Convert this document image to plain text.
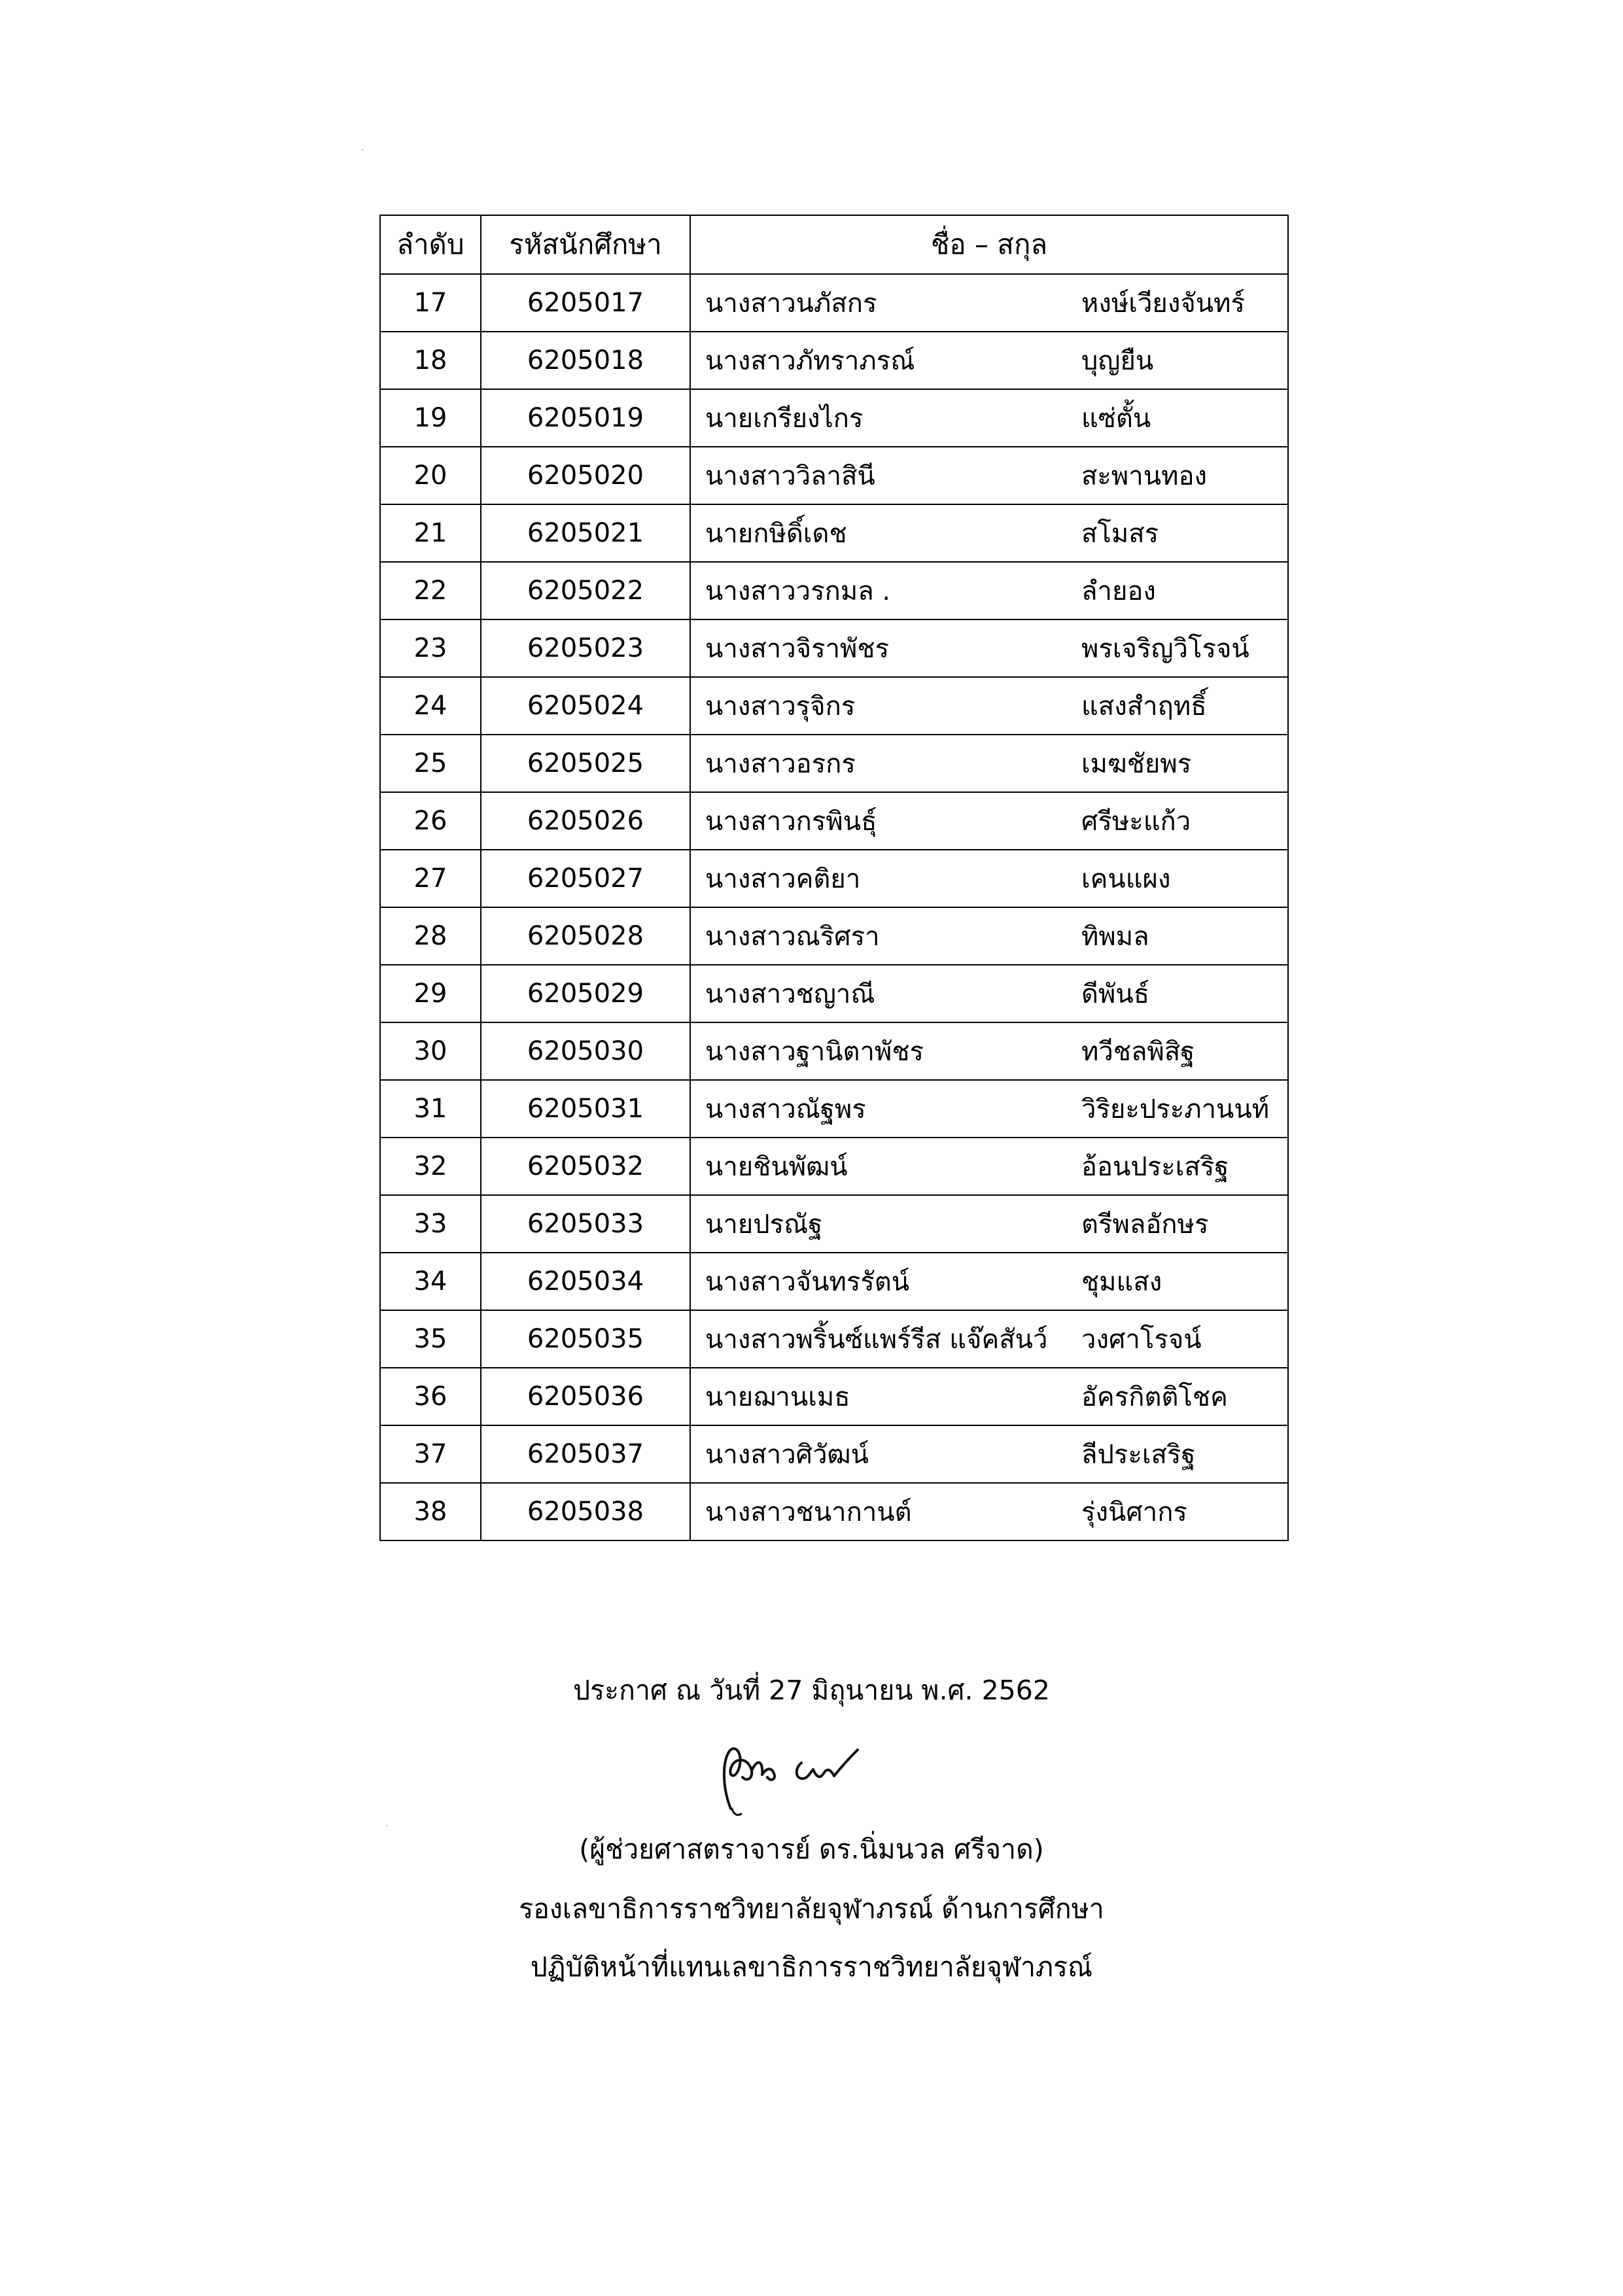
ลำดับ	รหัสนักศึกษา	ชื่อ – สกุล
17	6205017	นางสาวนภัสกร หงษ์เวียงจันทร์

18	6205018	นางสาวภัทราภรณ์ บุญยืน

19	6205019	นายเกรียงไกร แซ่ตั้น

20	6205020	นางสาววิลาสินี สะพานทอง

21	6205021	นายกษิดิ์เดช สโมสร

22	6205022	นางสาววรกมล . ลำยอง

23	6205023	นางสาวจิราพัชร พรเจริญวิโรจน์

24	6205024	นางสาวรุจิกร แสงสำฤทธิ์

25	6205025	นางสาวอรกร เมฆชัยพร

26	6205026	นางสาวกรพินธุ์ ศรีษะแก้ว

27	6205027	นางสาวคติยา เคนแผง

28	6205028	นางสาวณริศรา ทิพมล

29	6205029	นางสาวชญาณี ดีพันธ์

30	6205030	นางสาวฐานิตาพัชร ทวีชลพิสิฐ

31	6205031	นางสาวณัฐพร วิริยะประภานนท์

32	6205032	นายชินพัฒน์ อ้อนประเสริฐ

33	6205033	นายปรณัฐ ตรีพลอักษร

34	6205034	นางสาวจันทรรัตน์ ชุมแสง

35	6205035	นางสาวพริ้นซ์แพร์รีส แจ๊คสันว์ วงศาโรจน์

36	6205036	นายฌานเมธ อัครกิตติโชค

37	6205037	นางสาวศิวัฒน์ ลีประเสริฐ

38	6205038	นางสาวชนากานต์ รุ่งนิศากร
ประกาศ ณ วันที่ 27 มิถุนายน พ.ศ. 2562
(ผู้ช่วยศาสตราจารย์ ดร.นิ่มนวล ศรีจาด)
รองเลขาธิการราชวิทยาลัยจุฬาภรณ์ ด้านการศึกษา
ปฏิบัติหน้าที่แทนเลขาธิการราชวิทยาลัยจุฬาภรณ์
